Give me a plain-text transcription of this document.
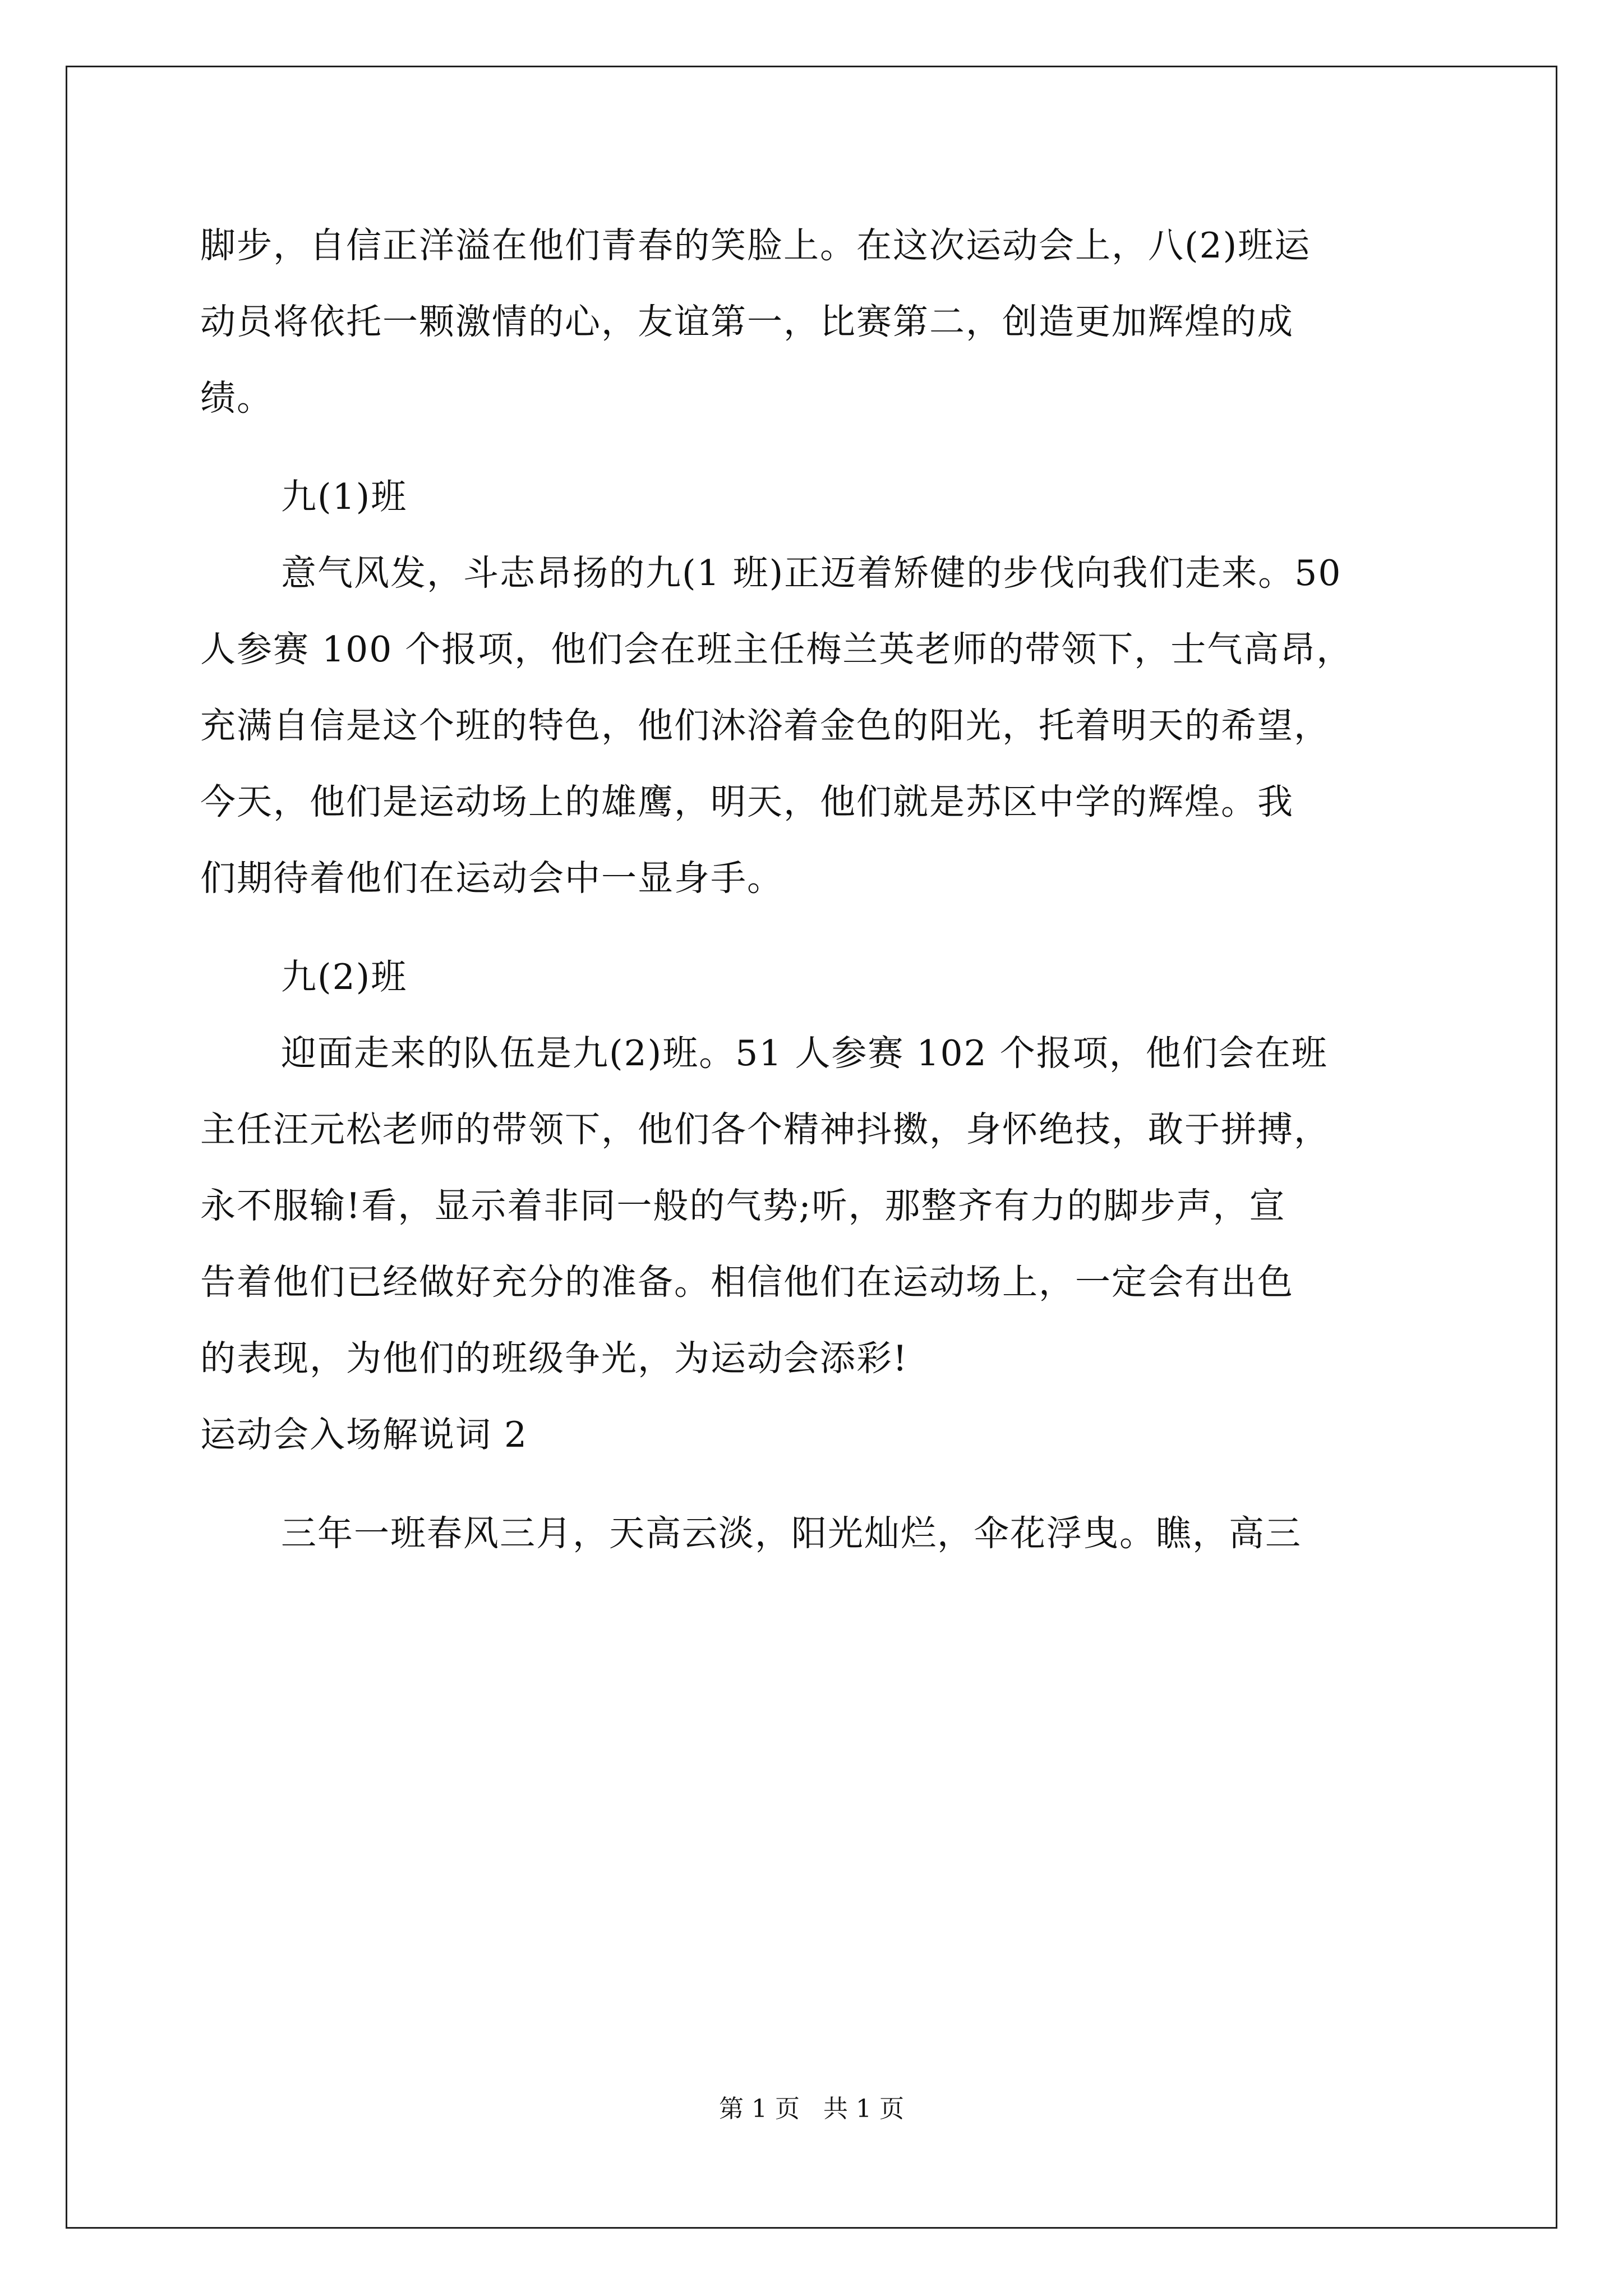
脚步，自信正洋溢在他们青春的笑脸上。在这次运动会上，八(2)班运

动员将依托一颗激情的心，友谊第一，比赛第二，创造更加辉煌的成

绩。

九(1)班

意气风发，斗志昂扬的九(1 班)正迈着矫健的步伐向我们走来。50

人参赛 100 个报项，他们会在班主任梅兰英老师的带领下，士气高昂，

充满自信是这个班的特色，他们沐浴着金色的阳光，托着明天的希望，

今天，他们是运动场上的雄鹰，明天，他们就是苏区中学的辉煌。我

们期待着他们在运动会中一显身手。

九(2)班

迎面走来的队伍是九(2)班。51 人参赛 102 个报项，他们会在班

主任汪元松老师的带领下，他们各个精神抖擞，身怀绝技，敢于拼搏，

永不服输!看，显示着非同一般的气势;听，那整齐有力的脚步声，宣

告着他们已经做好充分的准备。相信他们在运动场上，一定会有出色

的表现，为他们的班级争光，为运动会添彩!

运动会入场解说词 2

三年一班春风三月，天高云淡，阳光灿烂，伞花浮曳。瞧，高三

第 1 页   共 1 页
